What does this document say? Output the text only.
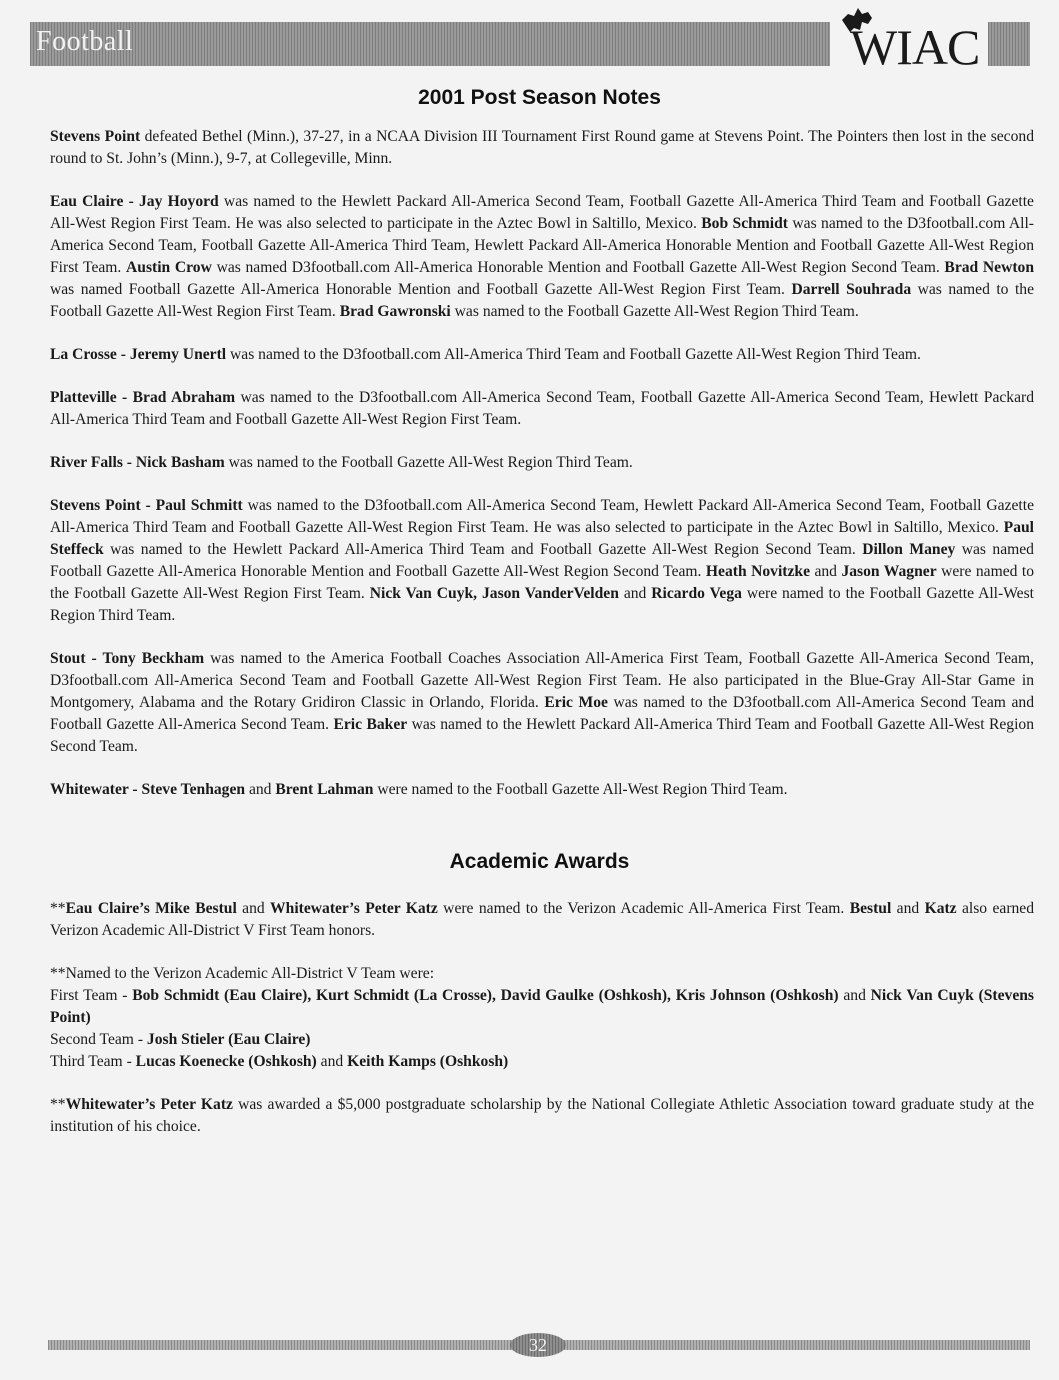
Football	WIAC
2001 Post Season Notes

Stevens Point defeated Bethel (Minn.), 37-27, in a NCAA Division III Tournament First Round game at Stevens Point. The Pointers then lost in the second round to St. John’s (Minn.), 9-7, at Collegeville, Minn.

Eau Claire - Jay Hoyord was named to the Hewlett Packard All-America Second Team, Football Gazette All-America Third Team and Football Gazette All-West Region First Team. He was also selected to participate in the Aztec Bowl in Saltillo, Mexico. Bob Schmidt was named to the D3football.com All-America Second Team, Football Gazette All-America Third Team, Hewlett Packard All-America Honorable Mention and Football Gazette All-West Region First Team. Austin Crow was named D3football.com All-America Honorable Mention and Football Gazette All-West Region Second Team. Brad Newton was named Football Gazette All-America Honorable Mention and Football Gazette All-West Region First Team. Darrell Souhrada was named to the Football Gazette All-West Region First Team. Brad Gawronski was named to the Football Gazette All-West Region Third Team.

La Crosse - Jeremy Unertl was named to the D3football.com All-America Third Team and Football Gazette All-West Region Third Team.

Platteville - Brad Abraham was named to the D3football.com All-America Second Team, Football Gazette All-America Second Team, Hewlett Packard All-America Third Team and Football Gazette All-West Region First Team.

River Falls - Nick Basham was named to the Football Gazette All-West Region Third Team.

Stevens Point - Paul Schmitt was named to the D3football.com All-America Second Team, Hewlett Packard All-America Second Team, Football Gazette All-America Third Team and Football Gazette All-West Region First Team. He was also selected to participate in the Aztec Bowl in Saltillo, Mexico. Paul Steffeck was named to the Hewlett Packard All-America Third Team and Football Gazette All-West Region Second Team. Dillon Maney was named Football Gazette All-America Honorable Mention and Football Gazette All-West Region Second Team. Heath Novitzke and Jason Wagner were named to the Football Gazette All-West Region First Team. Nick Van Cuyk, Jason VanderVelden and Ricardo Vega were named to the Football Gazette All-West Region Third Team.

Stout - Tony Beckham was named to the America Football Coaches Association All-America First Team, Football Gazette All-America Second Team, D3football.com All-America Second Team and Football Gazette All-West Region First Team. He also participated in the Blue-Gray All-Star Game in Montgomery, Alabama and the Rotary Gridiron Classic in Orlando, Florida. Eric Moe was named to the D3football.com All-America Second Team and Football Gazette All-America Second Team. Eric Baker was named to the Hewlett Packard All-America Third Team and Football Gazette All-West Region Second Team.

Whitewater - Steve Tenhagen and Brent Lahman were named to the Football Gazette All-West Region Third Team.

Academic Awards

**Eau Claire’s Mike Bestul and Whitewater’s Peter Katz were named to the Verizon Academic All-America First Team. Bestul and Katz also earned Verizon Academic All-District V First Team honors.

**Named to the Verizon Academic All-District V Team were:
First Team - Bob Schmidt (Eau Claire), Kurt Schmidt (La Crosse), David Gaulke (Oshkosh), Kris Johnson (Oshkosh) and Nick Van Cuyk (Stevens Point)
Second Team - Josh Stieler (Eau Claire)
Third Team - Lucas Koenecke (Oshkosh) and Keith Kamps (Oshkosh)

**Whitewater’s Peter Katz was awarded a $5,000 postgraduate scholarship by the National Collegiate Athletic Association toward graduate study at the institution of his choice.

32
